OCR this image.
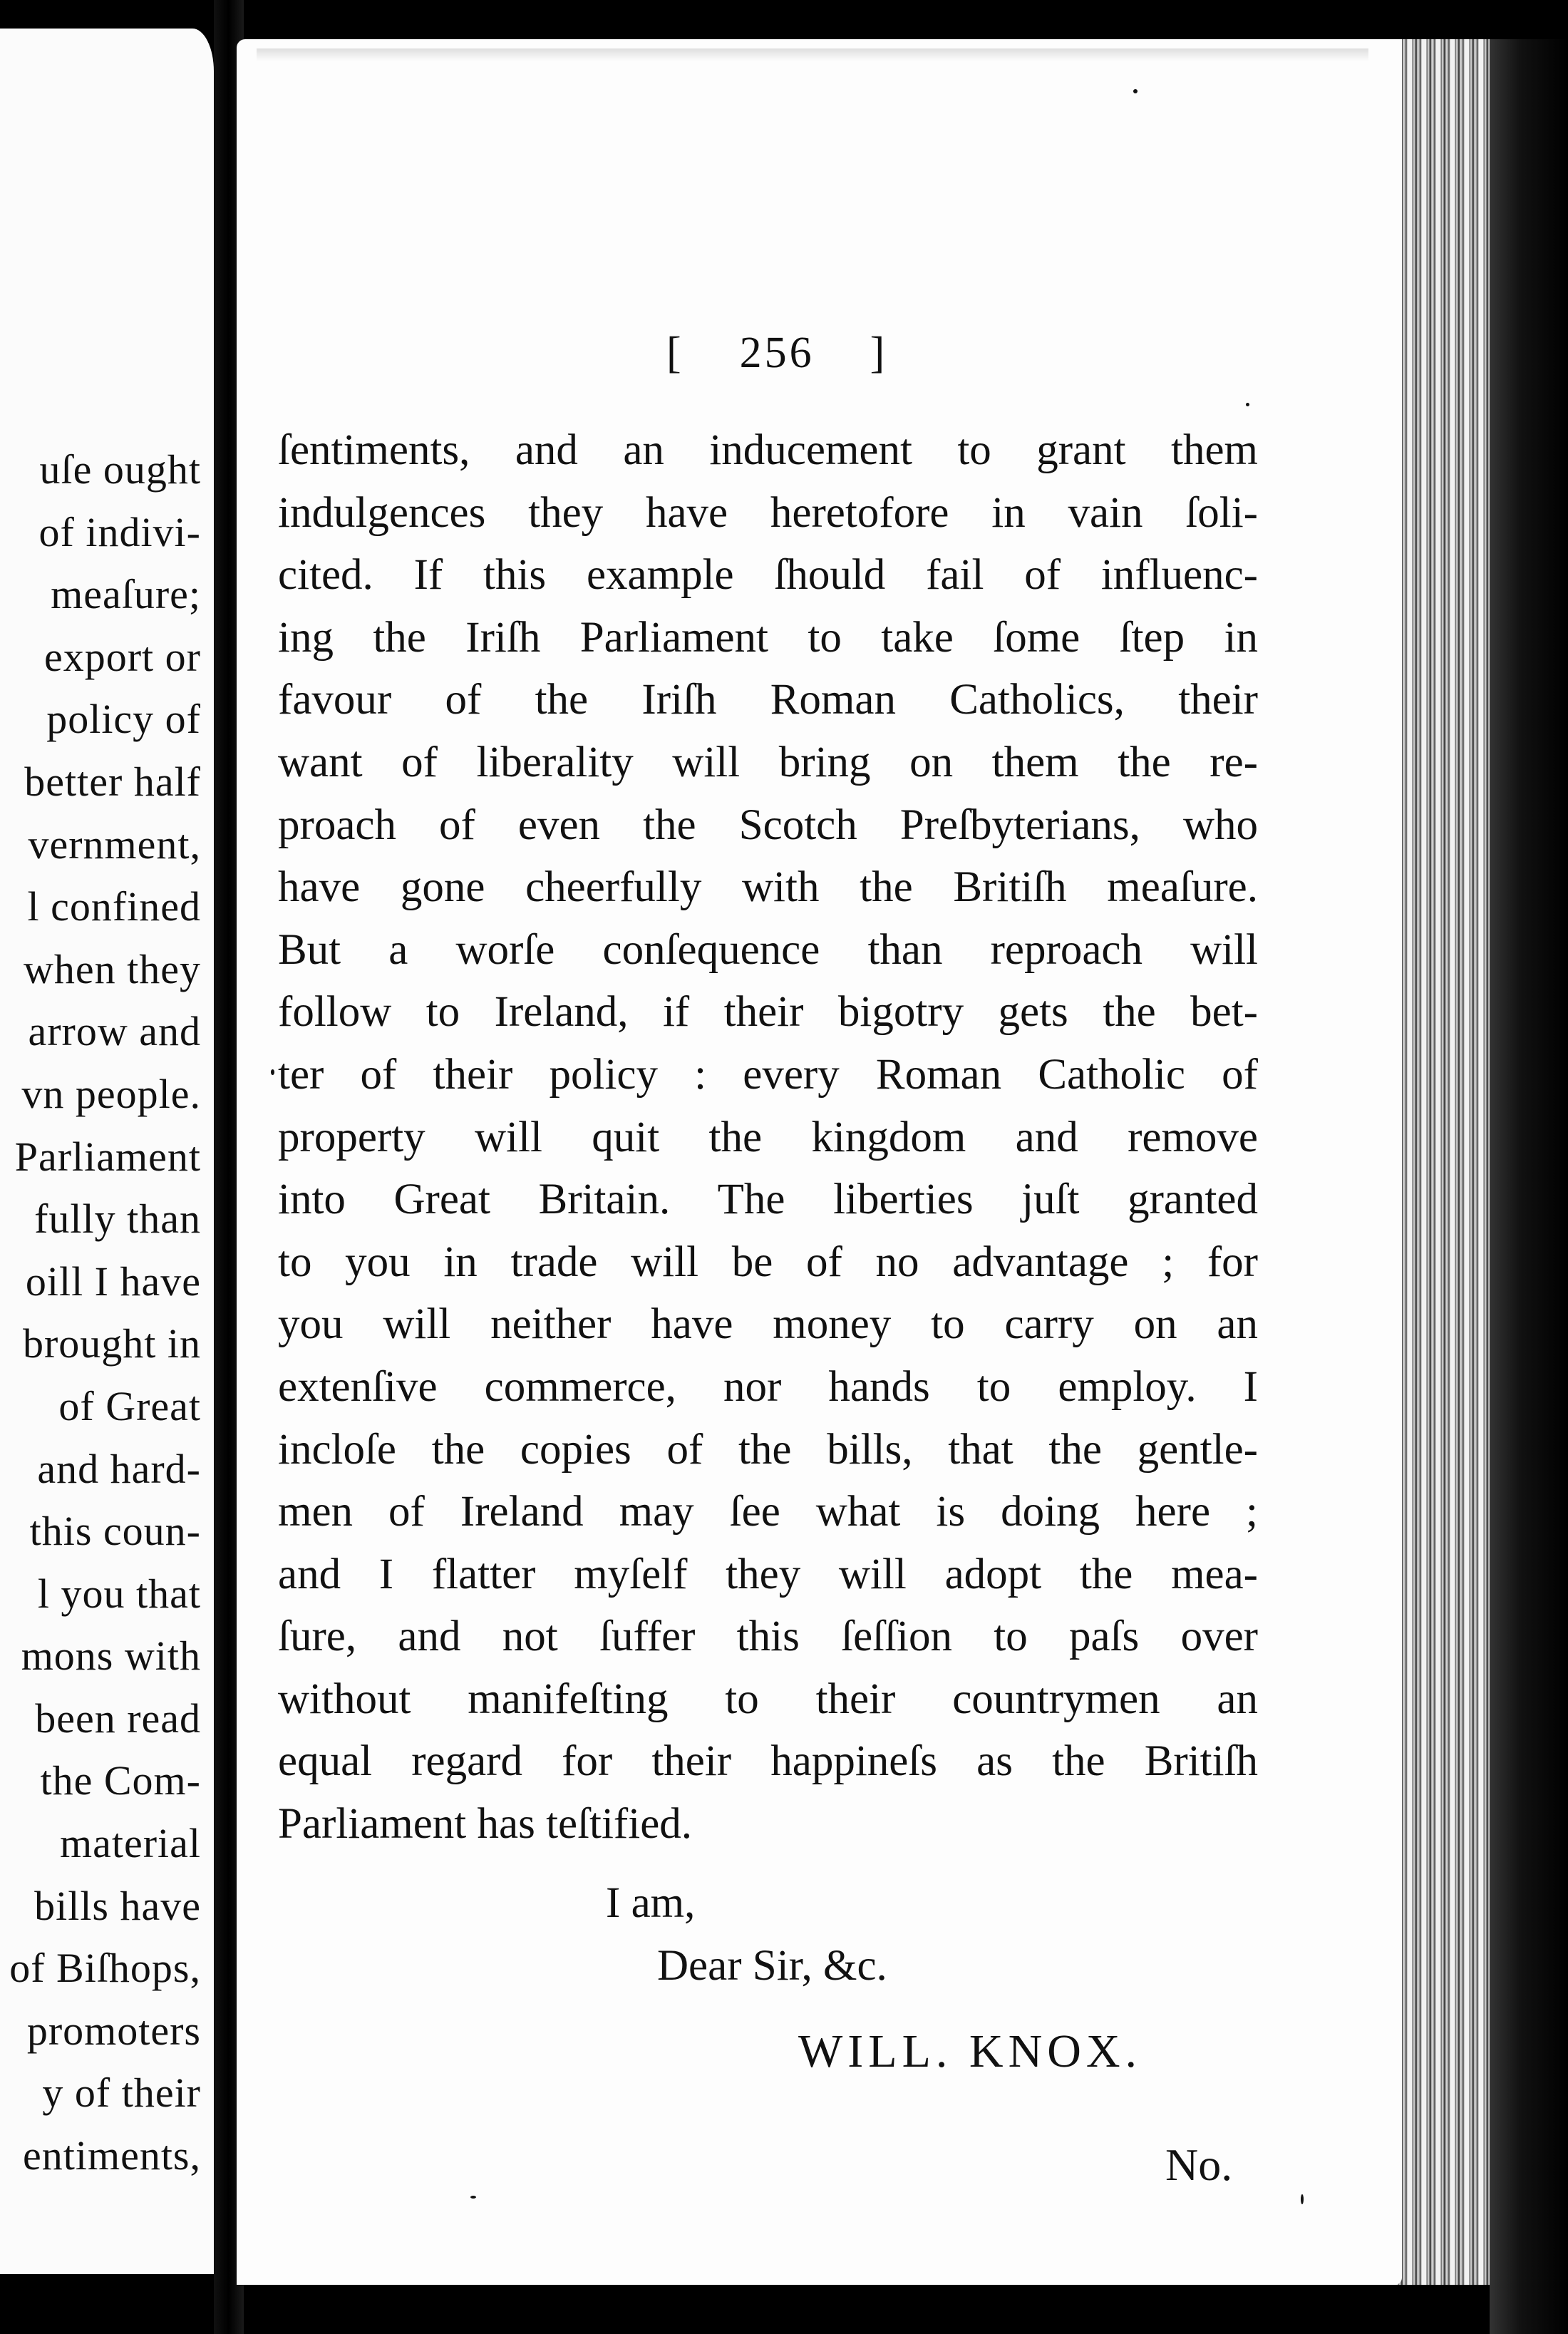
uſe ought
of indivi-
meaſure;
export or
policy of
better half
vernment,
l confined
when they
arrow and
vn people.
Parliament
fully than
oill I have
brought in
of Great
and hard-
this coun-
l you that
mons with
been read
the Com-
material
bills have
of Biſhops,
promoters
y of their
entiments,
[ 256 ]
ſentiments, and an inducement to grant them
indulgences they have heretofore in vain ſoli-
cited. If this example ſhould fail of influenc-
ing the Iriſh Parliament to take ſome ſtep in
favour of the Iriſh Roman Catholics, their
want of liberality will bring on them the re-
proach of even the Scotch Preſbyterians, who
have gone cheerfully with the Britiſh meaſure.
But a worſe conſequence than reproach will
follow to Ireland, if their bigotry gets the bet-
ter of their policy : every Roman Catholic of
property will quit the kingdom and remove
into Great Britain. The liberties juſt granted
to you in trade will be of no advantage ; for
you will neither have money to carry on an
extenſive commerce, nor hands to employ. I
incloſe the copies of the bills, that the gentle-
men of Ireland may ſee what is doing here ;
and I flatter myſelf they will adopt the mea-
ſure, and not ſuffer this ſeſſion to paſs over
without manifeſting to their countrymen an
equal regard for their happineſs as the Britiſh
Parliament has teſtified.
I am,
Dear Sir, &c.
WILL. KNOX.
No.
